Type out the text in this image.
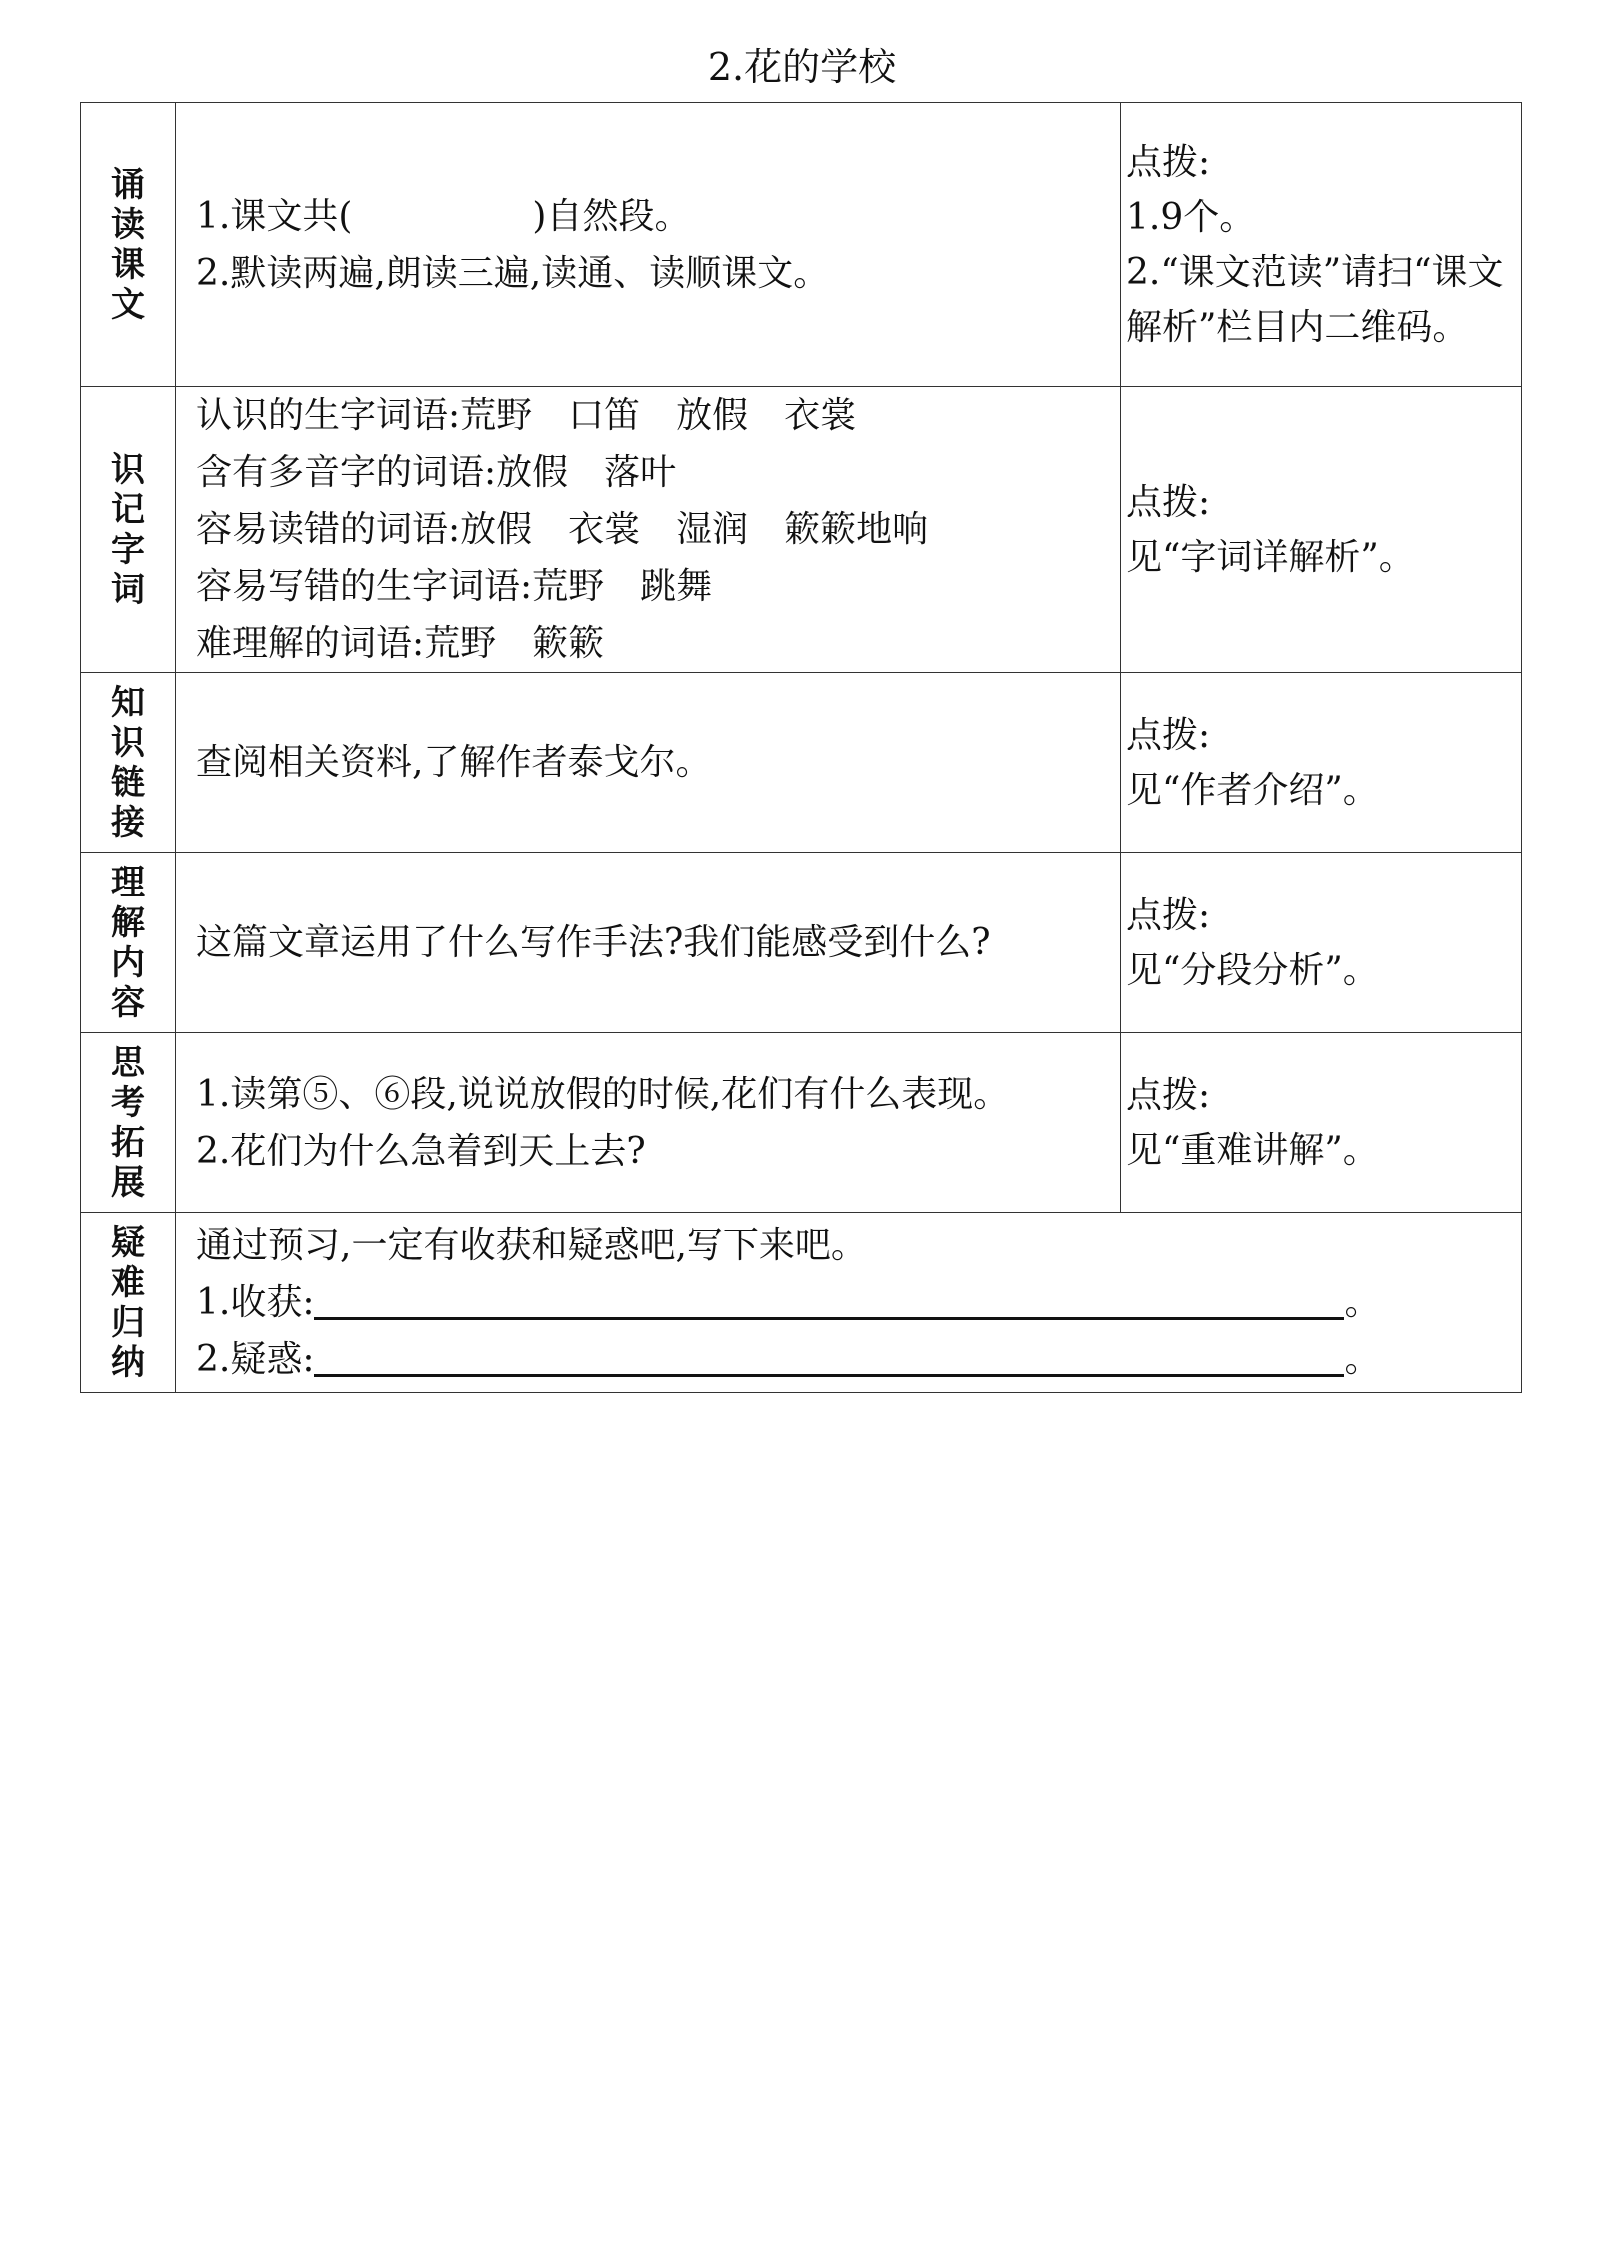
2.花的学校
诵
读
课
文	1.课文共( )自然段。
2.默读两遍,朗读三遍,读通、读顺课文。	点拨:
1.9个。
2.“课文范读”请扫“课文解析”栏目内二维码。

识
记
字
词	认识的生字词语:荒野　口笛　放假　衣裳
含有多音字的词语:放假　落叶
容易读错的词语:放假　衣裳　湿润　簌簌地响
容易写错的生字词语:荒野　跳舞
难理解的词语:荒野　簌簌	点拨:
见“字词详解析”。

知
识
链
接	查阅相关资料,了解作者泰戈尔。	点拨:
见“作者介绍”。

理
解
内
容	这篇文章运用了什么写作手法?我们能感受到什么?	点拨:
见“分段分析”。

思
考
拓
展	1.读第⑤、⑥段,说说放假的时候,花们有什么表现。
2.花们为什么急着到天上去?	点拨:
见“重难讲解”。

疑
难
归
纳	通过预习,一定有收获和疑惑吧,写下来吧。
1.收获: 。
2.疑惑: 。	
